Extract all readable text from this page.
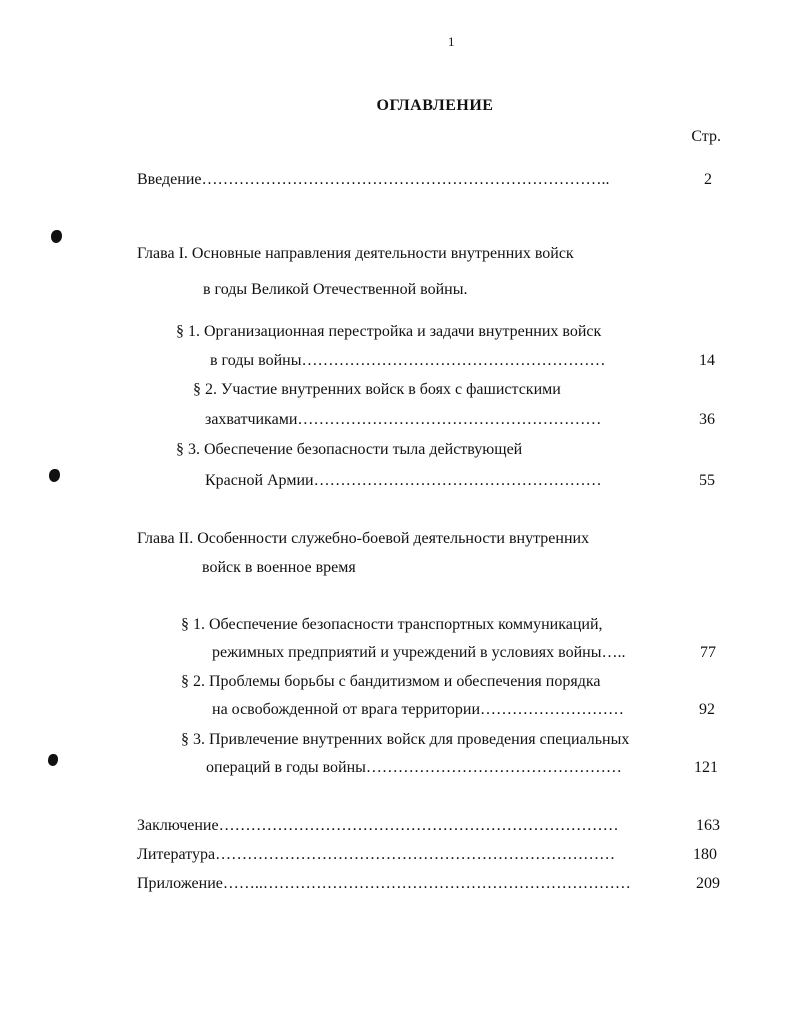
1
ОГЛАВЛЕНИЕ
Стр.
Введение…………………………………………………………………..	2
Глава I. Основные направления деятельности внутренних войск
в годы Великой Отечественной войны.
§ 1. Организационная перестройка и задачи внутренних войск
в годы войны…………………………………………………	14
§ 2. Участие внутренних войск в боях с фашистскими
захватчиками…………………………………………………	36
§ 3. Обеспечение безопасности тыла действующей
Красной Армии………………………………………………	55
Глава II. Особенности служебно-боевой деятельности внутренних
войск в военное время
§ 1. Обеспечение безопасности транспортных коммуникаций,
режимных предприятий и учреждений в условиях войны…..	77
§ 2. Проблемы борьбы с бандитизмом и обеспечения порядка
на освобожденной от врага территории………………………	92
§ 3. Привлечение внутренних войск для проведения специальных
операций в годы войны…………………………………………	121
Заключение…………………………………………………………………	163
Литература…………………………………………………………………	180
Приложение……..……………………………………………………………	209
